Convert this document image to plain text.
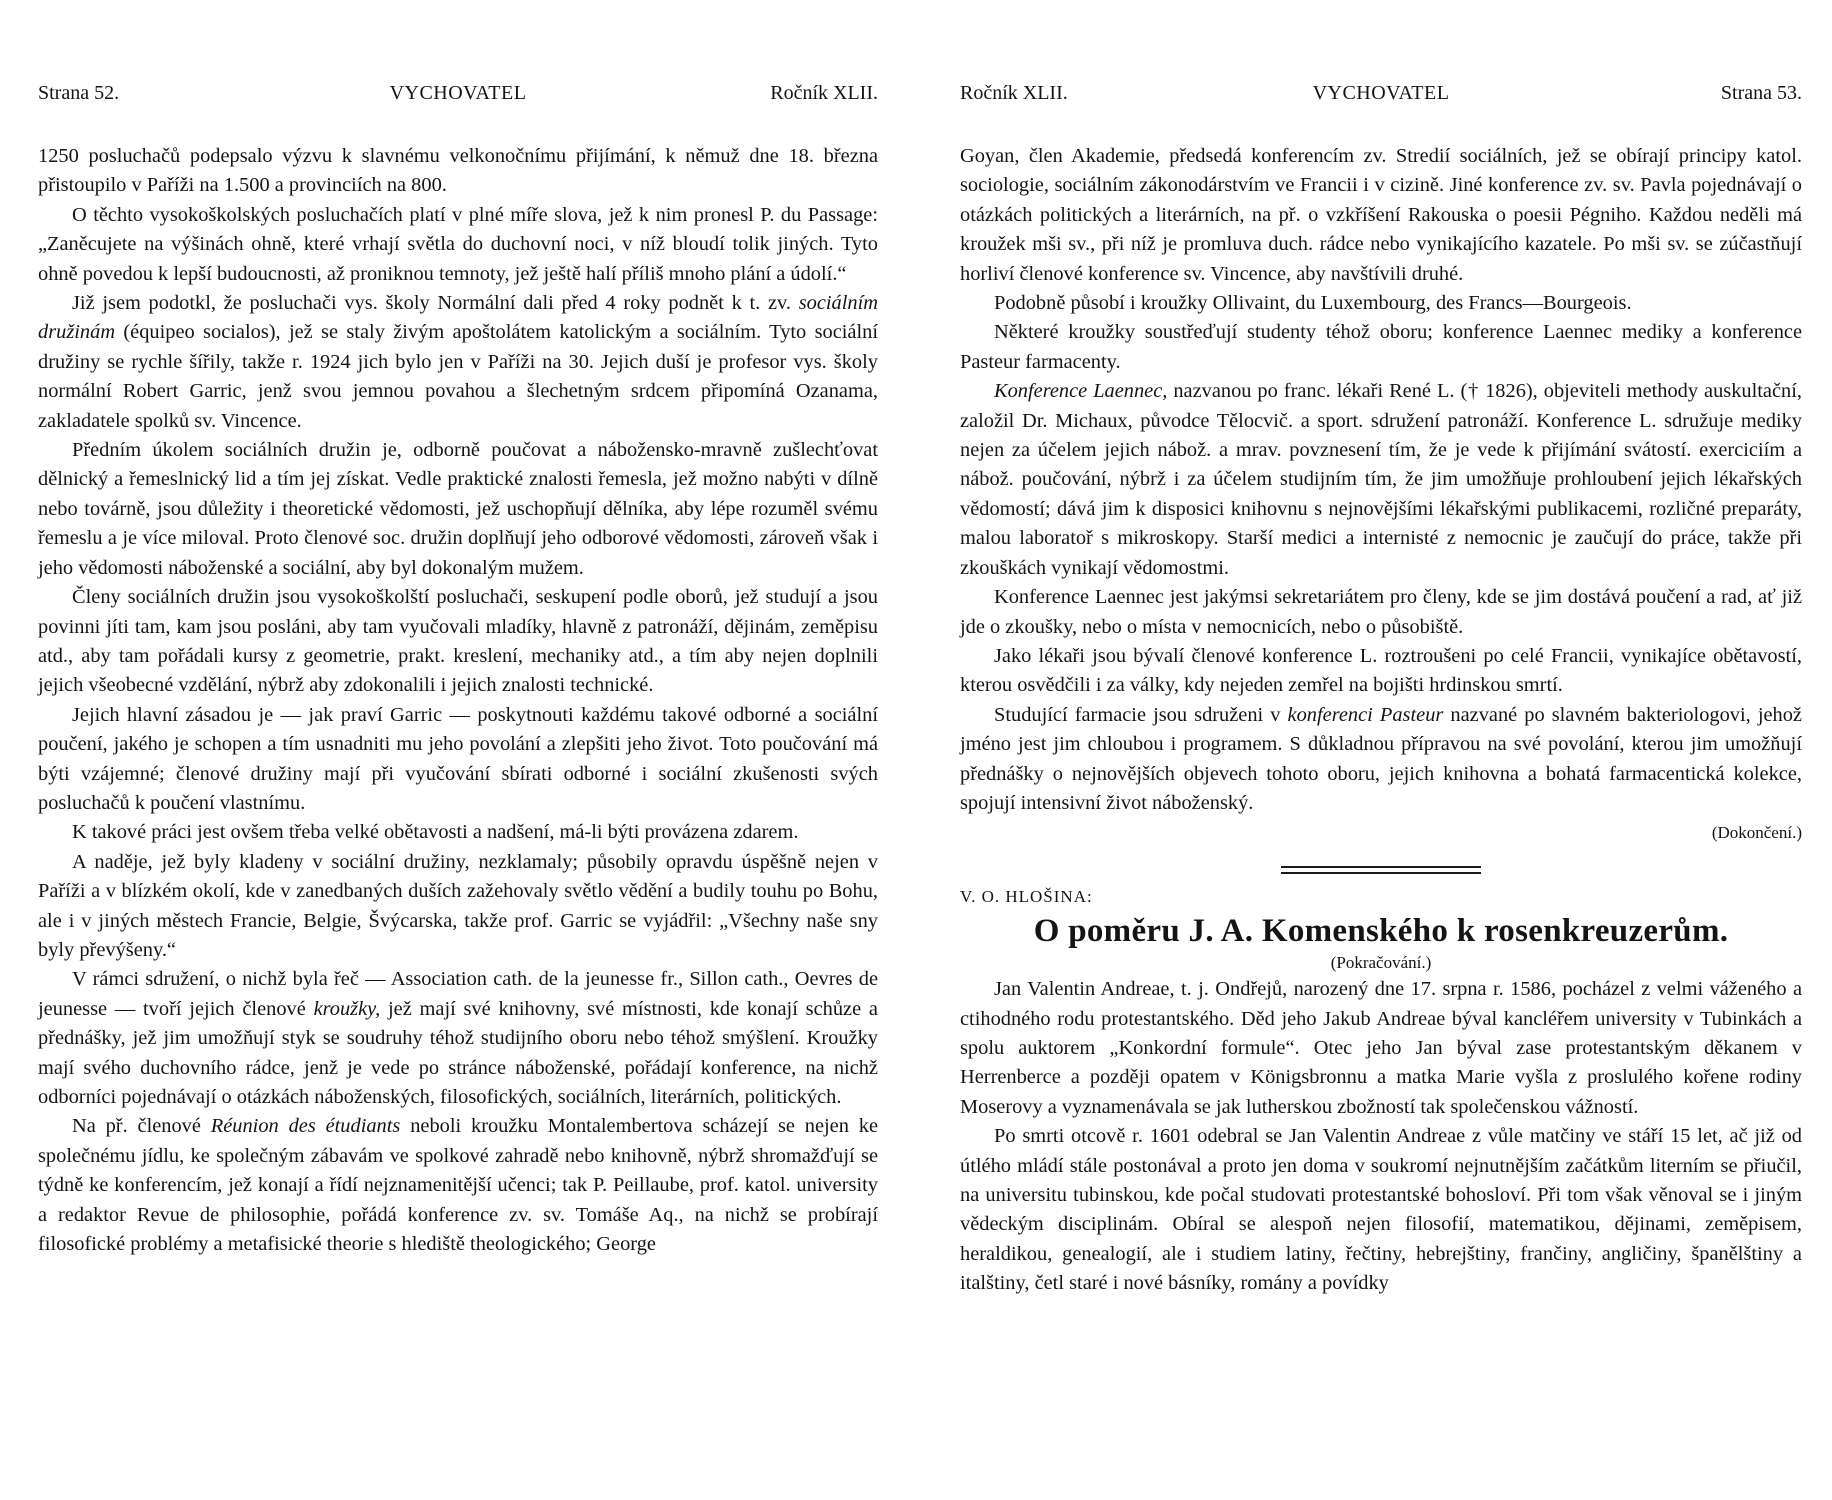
Strana 52.	VYCHOVATEL	Ročník XLII.

1250 posluchačů podepsalo výzvu k slavnému velkonočnímu přijímání, k němuž dne 18. března přistoupilo v Paříži na 1.500 a provinciích na 800.

O těchto vysokoškolských posluchačích platí v plné míře slova, jež k nim pronesl P. du Passage: „Zaněcujete na výšinách ohně, které vrhají světla do duchovní noci, v níž bloudí tolik jiných. Tyto ohně povedou k lepší budoucnosti, až proniknou temnoty, jež ještě halí příliš mnoho plání a údolí.“

Již jsem podotkl, že posluchači vys. školy Normální dali před 4 roky podnět k t. zv. sociálním družinám (équipeo socialos), jež se staly živým apoštolátem katolickým a sociálním. Tyto sociální družiny se rychle šířily, takže r. 1924 jich bylo jen v Paříži na 30. Jejich duší je profesor vys. školy normální Robert Garric, jenž svou jemnou povahou a šlechetným srdcem připomíná Ozanama, zakladatele spolků sv. Vincence.

Předním úkolem sociálních družin je, odborně poučovat a nábožensko-mravně zušlechťovat dělnický a řemeslnický lid a tím jej získat. Vedle praktické znalosti řemesla, jež možno nabýti v dílně nebo továrně, jsou důležity i theoretické vědomosti, jež uschopňují dělníka, aby lépe rozuměl svému řemeslu a je více miloval. Proto členové soc. družin doplňují jeho odborové vědomosti, zároveň však i jeho vědomosti náboženské a sociální, aby byl dokonalým mužem.

Členy sociálních družin jsou vysokoškolští posluchači, seskupení podle oborů, jež studují a jsou povinni jíti tam, kam jsou posláni, aby tam vyučovali mladíky, hlavně z patronáží, dějinám, zeměpisu atd., aby tam pořádali kursy z geometrie, prakt. kreslení, mechaniky atd., a tím aby nejen doplnili jejich všeobecné vzdělání, nýbrž aby zdokonalili i jejich znalosti technické.

Jejich hlavní zásadou je — jak praví Garric — poskytnouti každému takové odborné a sociální poučení, jakého je schopen a tím usnadniti mu jeho povolání a zlepšiti jeho život. Toto poučování má býti vzájemné; členové družiny mají při vyučování sbírati odborné i sociální zkušenosti svých posluchačů k poučení vlastnímu.

K takové práci jest ovšem třeba velké obětavosti a nadšení, má-li býti provázena zdarem.

A naděje, jež byly kladeny v sociální družiny, nezklamaly; působily opravdu úspěšně nejen v Paříži a v blízkém okolí, kde v zanedbaných duších zažehovaly světlo vědění a budily touhu po Bohu, ale i v jiných městech Francie, Belgie, Švýcarska, takže prof. Garric se vyjádřil: „Všechny naše sny byly převýšeny.“

V rámci sdružení, o nichž byla řeč — Association cath. de la jeunesse fr., Sillon cath., Oevres de jeunesse — tvoří jejich členové kroužky, jež mají své knihovny, své místnosti, kde konají schůze a přednášky, jež jim umožňují styk se soudruhy téhož studijního oboru nebo téhož smýšlení. Kroužky mají svého duchovního rádce, jenž je vede po stránce náboženské, pořádají konference, na nichž odborníci pojednávají o otázkách náboženských, filosofických, sociálních, literárních, politických.

Na př. členové Réunion des étudiants neboli kroužku Montalembertova scházejí se nejen ke společnému jídlu, ke společným zábavám ve spolkové zahradě nebo knihovně, nýbrž shromažďují se týdně ke konferencím, jež konají a řídí nejznamenitější učenci; tak P. Peillaube, prof. katol. university a redaktor Revue de philosophie, pořádá konference zv. sv. Tomáše Aq., na nichž se probírají filosofické problémy a metafisické theorie s hlediště theologického; George

Ročník XLII.	VYCHOVATEL	Strana 53.

Goyan, člen Akademie, předsedá konferencím zv. Stredií sociálních, jež se obírají principy katol. sociologie, sociálním zákonodárstvím ve Francii i v cizině. Jiné konference zv. sv. Pavla pojednávají o otázkách politických a literárních, na př. o vzkříšení Rakouska o poesii Pégniho. Každou neděli má kroužek mši sv., při níž je promluva duch. rádce nebo vynikajícího kazatele. Po mši sv. se zúčastňují horliví členové konference sv. Vincence, aby navštívili druhé.

Podobně působí i kroužky Ollivaint, du Luxembourg, des Francs—Bourgeois.

Některé kroužky soustřeďují studenty téhož oboru; konference Laennec mediky a konference Pasteur farmacenty.

Konference Laennec, nazvanou po franc. lékaři René L. († 1826), objeviteli methody auskultační, založil Dr. Michaux, původce Tělocvič. a sport. sdružení patronáží. Konference L. sdružuje mediky nejen za účelem jejich nábož. a mrav. povznesení tím, že je vede k přijímání svátostí. exerciciím a nábož. poučování, nýbrž i za účelem studijním tím, že jim umožňuje prohloubení jejich lékařských vědomostí; dává jim k disposici knihovnu s nejnovějšími lékařskými publikacemi, rozličné preparáty, malou laboratoř s mikroskopy. Starší medici a internisté z nemocnic je zaučují do práce, takže při zkouškách vynikají vědomostmi.

Konference Laennec jest jakýmsi sekretariátem pro členy, kde se jim dostává poučení a rad, ať již jde o zkoušky, nebo o místa v nemocnicích, nebo o působiště.

Jako lékaři jsou bývalí členové konference L. roztroušeni po celé Francii, vynikajíce obětavostí, kterou osvědčili i za války, kdy nejeden zemřel na bojišti hrdinskou smrtí.

Studující farmacie jsou sdruženi v konferenci Pasteur nazvané po slavném bakteriologovi, jehož jméno jest jim chloubou i programem. S důkladnou přípravou na své povolání, kterou jim umožňují přednášky o nejnovějších objevech tohoto oboru, jejich knihovna a bohatá farmacentická kolekce, spojují intensivní život náboženský.

(Dokončení.)

V. O. HLOŠINA:

O poměru J. A. Komenského k rosenkreuzerům.

(Pokračování.)

Jan Valentin Andreae, t. j. Ondřejů, narozený dne 17. srpna r. 1586, pocházel z velmi váženého a ctihodného rodu protestantského. Děd jeho Jakub Andreae býval kancléřem university v Tubinkách a spolu auktorem „Konkordní formule“. Otec jeho Jan býval zase protestantským děkanem v Herrenberce a později opatem v Königsbronnu a matka Marie vyšla z proslulého kořene rodiny Moserovy a vyznamenávala se jak lutherskou zbožností tak společenskou vážností.

Po smrti otcově r. 1601 odebral se Jan Valentin Andreae z vůle matčiny ve stáří 15 let, ač již od útlého mládí stále postonával a proto jen doma v soukromí nejnutnějším začátkům literním se přiučil, na universitu tubinskou, kde počal studovati protestantské bohosloví. Při tom však věnoval se i jiným vědeckým disciplinám. Obíral se alespoň nejen filosofií, matematikou, dějinami, zeměpisem, heraldikou, genealogií, ale i studiem latiny, řečtiny, hebrejštiny, frančiny, angličiny, španělštiny a italštiny, četl staré i nové básníky, romány a povídky
